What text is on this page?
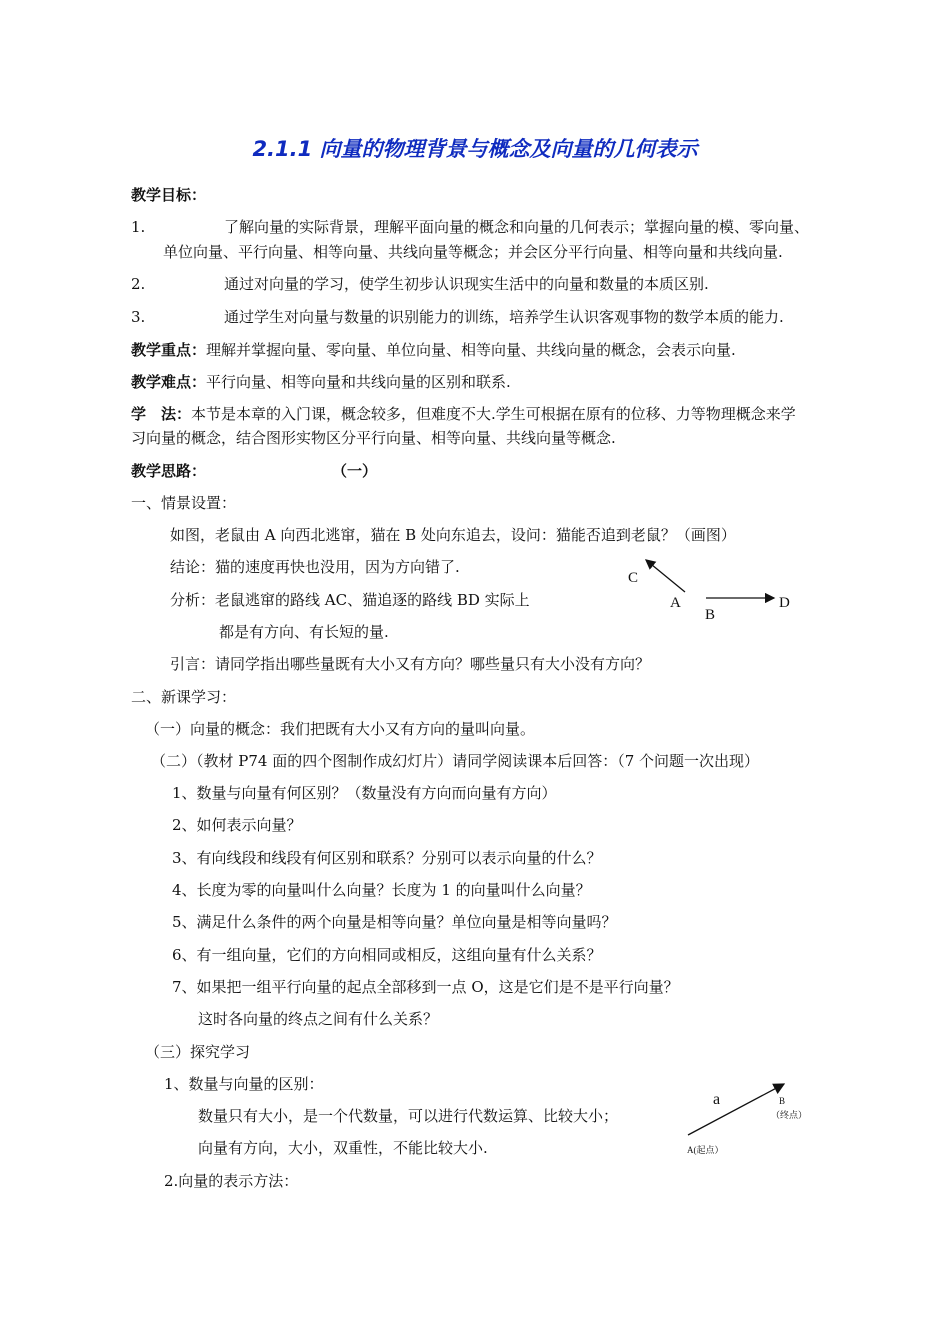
2.1.1 向量的物理背景与概念及向量的几何表示
教学目标：
1.	了解向量的实际背景，理解平面向量的概念和向量的几何表示；掌握向量的模、零向量、
单位向量、平行向量、相等向量、共线向量等概念；并会区分平行向量、相等向量和共线向量.
2.	通过对向量的学习，使学生初步认识现实生活中的向量和数量的本质区别.
3.	通过学生对向量与数量的识别能力的训练，培养学生认识客观事物的数学本质的能力.
教学重点：理解并掌握向量、零向量、单位向量、相等向量、共线向量的概念，会表示向量.
教学难点：平行向量、相等向量和共线向量的区别和联系.
学　法：本节是本章的入门课，概念较多，但难度不大.学生可根据在原有的位移、力等物理概念来学
习向量的概念，结合图形实物区分平行向量、相等向量、共线向量等概念.
教学思路：	（一）
一、情景设置：
如图，老鼠由 A 向西北逃窜，猫在 B 处向东追去，设问：猫能否追到老鼠？（画图）
结论：猫的速度再快也没用，因为方向错了.
分析：老鼠逃窜的路线 AC、猫追逐的路线 BD 实际上
都是有方向、有长短的量.
引言：请同学指出哪些量既有大小又有方向？哪些量只有大小没有方向？
C
A
B
D
二、新课学习：
（一）向量的概念：我们把既有大小又有方向的量叫向量。
（二）（教材 P74 面的四个图制作成幻灯片）请同学阅读课本后回答：（7 个问题一次出现）
1、数量与向量有何区别？（数量没有方向而向量有方向）
2、如何表示向量？
3、有向线段和线段有何区别和联系？分别可以表示向量的什么？
4、长度为零的向量叫什么向量？长度为 1 的向量叫什么向量？
5、满足什么条件的两个向量是相等向量？单位向量是相等向量吗？
6、有一组向量，它们的方向相同或相反，这组向量有什么关系？
7、如果把一组平行向量的起点全部移到一点 O，这是它们是不是平行向量？
这时各向量的终点之间有什么关系？
（三）探究学习
1、数量与向量的区别：
数量只有大小，是一个代数量，可以进行代数运算、比较大小；
向量有方向，大小，双重性，不能比较大小.
2.向量的表示方法：
a	B
（终点）
A(起点）
